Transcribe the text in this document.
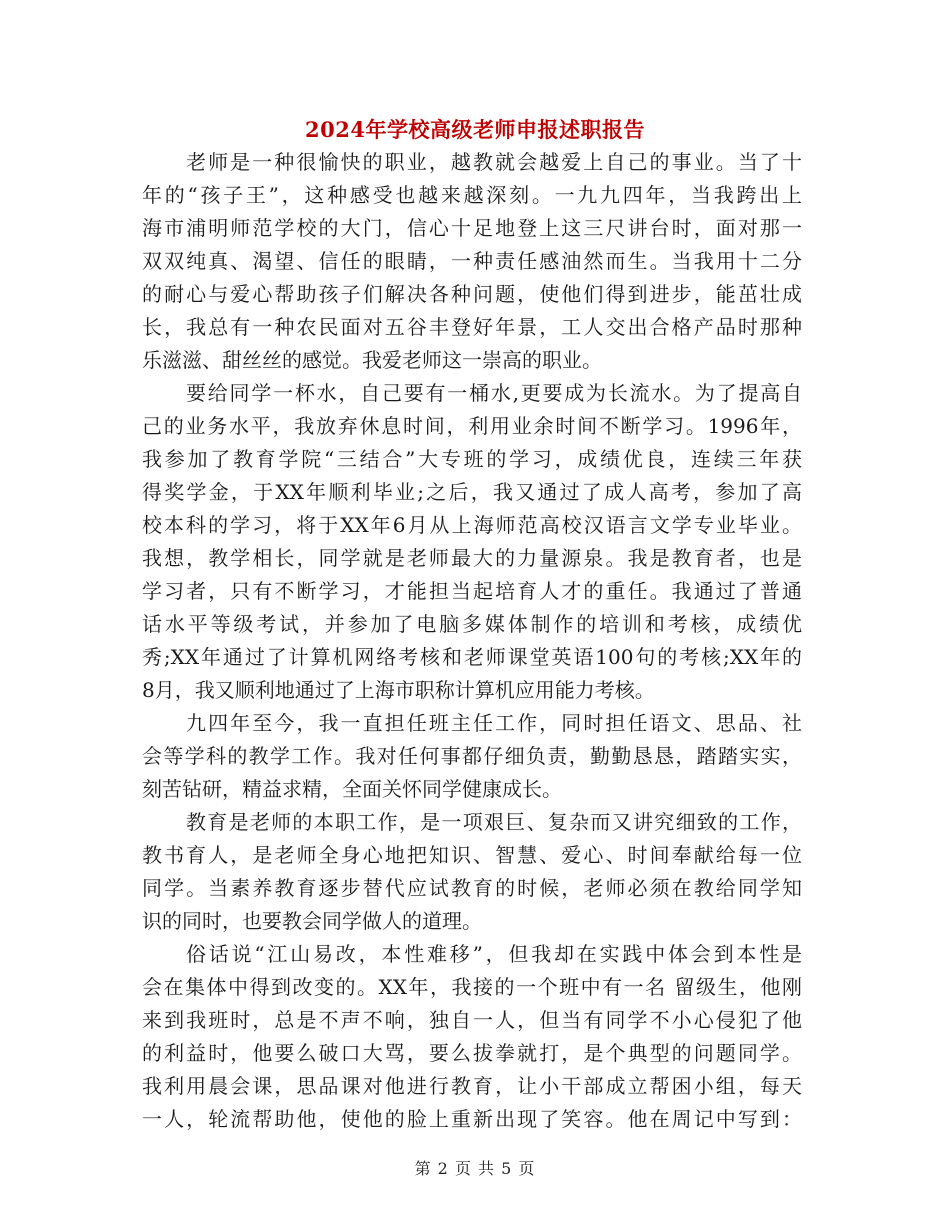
2024年学校高级老师申报述职报告
老师是一种很愉快的职业，越教就会越爱上自己的事业。当了十
年的“孩子王”，这种感受也越来越深刻。一九九四年，当我跨出上
海市浦明师范学校的大门，信心十足地登上这三尺讲台时，面对那一
双双纯真、渴望、信任的眼睛，一种责任感油然而生。当我用十二分
的耐心与爱心帮助孩子们解决各种问题，使他们得到进步，能茁壮成
长，我总有一种农民面对五谷丰登好年景，工人交出合格产品时那种
乐滋滋、甜丝丝的感觉。我爱老师这一崇高的职业。
要给同学一杯水，自己要有一桶水,更要成为长流水。为了提高自
己的业务水平，我放弃休息时间，利用业余时间不断学习。1996年，
我参加了教育学院“三结合”大专班的学习，成绩优良，连续三年获
得奖学金，于XX年顺利毕业;之后，我又通过了成人高考，参加了高
校本科的学习，将于XX年6月从上海师范高校汉语言文学专业毕业。
我想，教学相长，同学就是老师最大的力量源泉。我是教育者，也是
学习者，只有不断学习，才能担当起培育人才的重任。我通过了普通
话水平等级考试，并参加了电脑多媒体制作的培训和考核，成绩优
秀;XX年通过了计算机网络考核和老师课堂英语100句的考核;XX年的
8月，我又顺利地通过了上海市职称计算机应用能力考核。
九四年至今，我一直担任班主任工作，同时担任语文、思品、社
会等学科的教学工作。我对任何事都仔细负责，勤勤恳恳，踏踏实实，
刻苦钻研，精益求精，全面关怀同学健康成长。
教育是老师的本职工作，是一项艰巨、复杂而又讲究细致的工作，
教书育人，是老师全身心地把知识、智慧、爱心、时间奉献给每一位
同学。当素养教育逐步替代应试教育的时候，老师必须在教给同学知
识的同时，也要教会同学做人的道理。
俗话说“江山易改，本性难移”，但我却在实践中体会到本性是
会在集体中得到改变的。XX年，我接的一个班中有一名 留级生，他刚
来到我班时，总是不声不响，独自一人，但当有同学不小心侵犯了他
的利益时，他要么破口大骂，要么拔拳就打，是个典型的问题同学。
我利用晨会课，思品课对他进行教育，让小干部成立帮困小组，每天
一人，轮流帮助他，使他的脸上重新出现了笑容。他在周记中写到：
第 2 页 共 5 页
